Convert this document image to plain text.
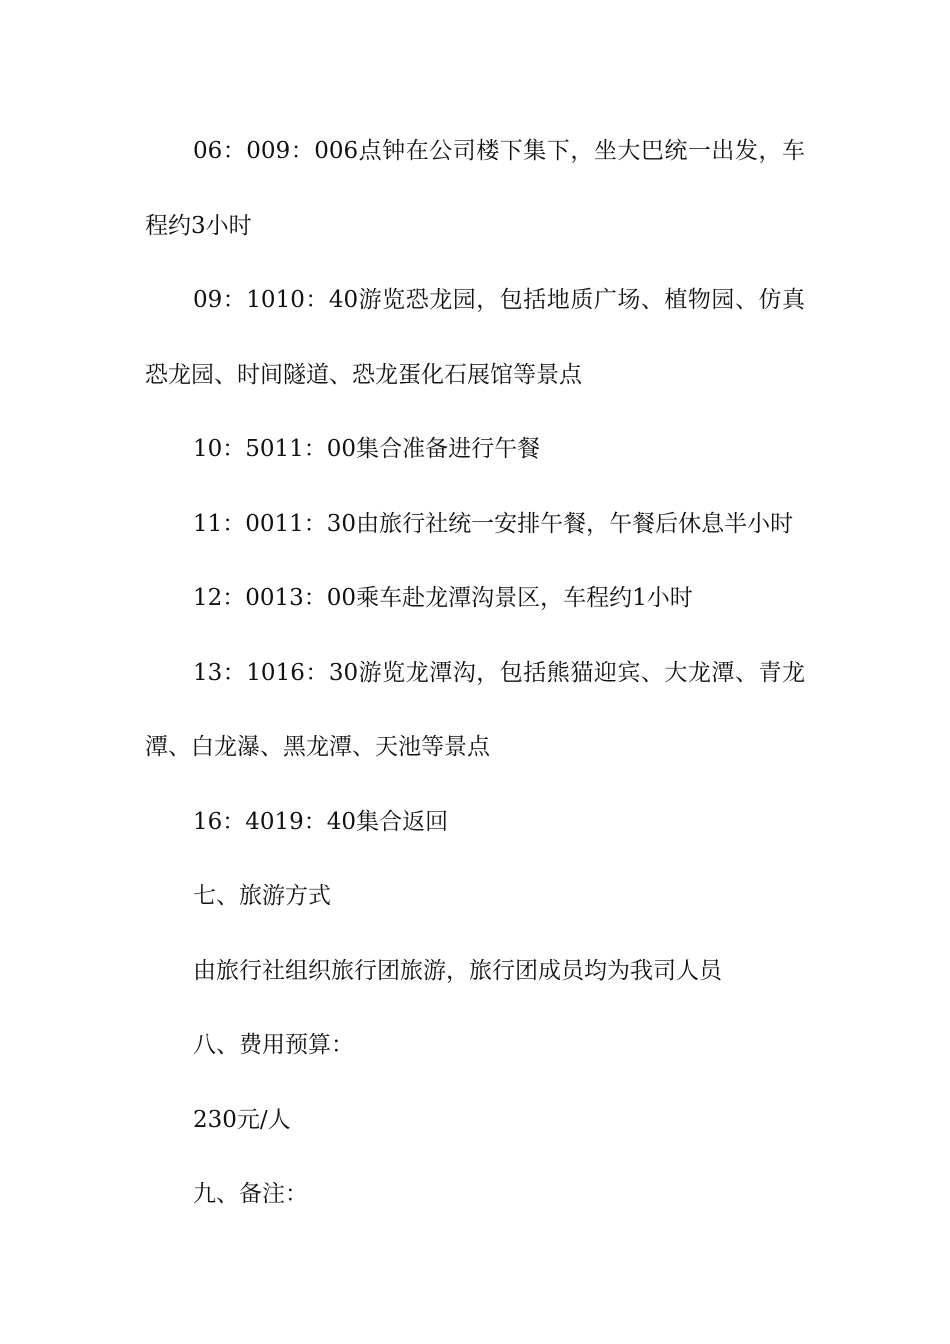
06：009：006点钟在公司楼下集下，坐大巴统一出发，车程约3小时

09：1010：40游览恐龙园，包括地质广场、植物园、仿真恐龙园、时间隧道、恐龙蛋化石展馆等景点

10：5011：00集合准备进行午餐

11：0011：30由旅行社统一安排午餐，午餐后休息半小时

12：0013：00乘车赴龙潭沟景区，车程约1小时

13：1016：30游览龙潭沟，包括熊猫迎宾、大龙潭、青龙潭、白龙瀑、黑龙潭、天池等景点

16：4019：40集合返回

七、旅游方式

由旅行社组织旅行团旅游，旅行团成员均为我司人员

八、费用预算：

230元/人

九、备注：
